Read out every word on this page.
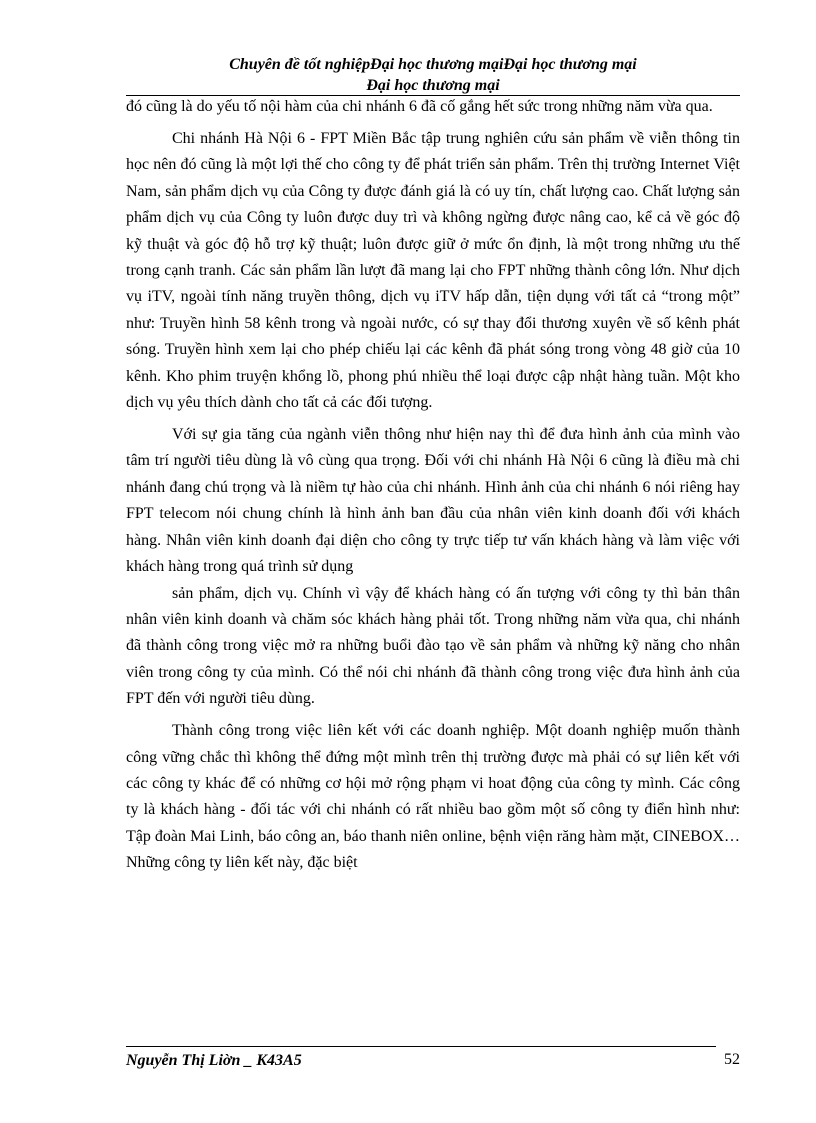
Chuyên đề tốt nghiệpĐại học thương mạiĐại học thương mại
Đại học thương mại

đó cũng là do yếu tố nội hàm của chi nhánh 6 đã cố gắng hết sức trong những năm vừa qua.

Chi nhánh Hà Nội 6 - FPT Miền Bắc tập trung nghiên cứu sản phẩm về viễn thông tin học nên đó cũng là một lợi thế cho công ty để phát triển sản phẩm. Trên thị trường Internet Việt Nam, sản phẩm dịch vụ của Công ty được đánh giá là có uy tín, chất lượng cao. Chất lượng sản phẩm dịch vụ của Công ty luôn được duy trì và không ngừng được nâng cao, kể cả về góc độ kỹ thuật và góc độ hỗ trợ kỹ thuật; luôn được giữ ở mức ổn định, là một trong những ưu thế trong cạnh tranh. Các sản phẩm lần lượt đã mang lại cho FPT những thành công lớn. Như dịch vụ iTV, ngoài tính năng truyền thông, dịch vụ iTV hấp dẫn, tiện dụng với tất cả “trong một” như: Truyền hình 58 kênh trong và ngoài nước, có sự thay đổi thương xuyên về số kênh phát sóng. Truyền hình xem lại cho phép chiếu lại các kênh đã phát sóng trong vòng 48 giờ của 10 kênh. Kho phim truyện khổng lồ, phong phú nhiều thể loại được cập nhật hàng tuần. Một kho dịch vụ yêu thích dành cho tất cả các đối tượng.

Với sự gia tăng của ngành viễn thông như hiện nay thì để đưa hình ảnh của mình vào tâm trí người tiêu dùng là vô cùng qua trọng. Đối với chi nhánh Hà Nội 6 cũng là điều mà chi nhánh đang chú trọng và là niềm tự hào của chi nhánh. Hình ảnh của chi nhánh 6 nói riêng hay FPT telecom nói chung chính là hình ảnh ban đầu của nhân viên kinh doanh đối với khách hàng. Nhân viên kinh doanh đại diện cho công ty trực tiếp tư vấn khách hàng và làm việc với khách hàng trong quá trình sử dụng

sản phẩm, dịch vụ. Chính vì vậy để khách hàng có ấn tượng với công ty thì bản thân nhân viên kinh doanh và chăm sóc khách hàng phải tốt. Trong những năm vừa qua, chi nhánh đã thành công trong việc mở ra những buổi đào tạo về sản phẩm và những kỹ năng cho nhân viên trong công ty của mình. Có thể nói chi nhánh đã thành công trong việc đưa hình ảnh của FPT đến với người tiêu dùng.

Thành công trong việc liên kết với các doanh nghiệp. Một doanh nghiệp muốn thành công vững chắc thì không thể đứng một mình trên thị trường được mà phải có sự liên kết với các công ty khác để có những cơ hội mở rộng phạm vi hoat động của công ty mình. Các công ty là khách hàng - đối tác với chi nhánh có rất nhiều bao gồm một số công ty điển hình như: Tập đoàn Mai Linh, báo công an, báo thanh niên online, bệnh viện răng hàm mặt, CINEBOX… Những công ty liên kết này, đặc biệt

Nguyễn Thị Liờn _ K43A5	52
